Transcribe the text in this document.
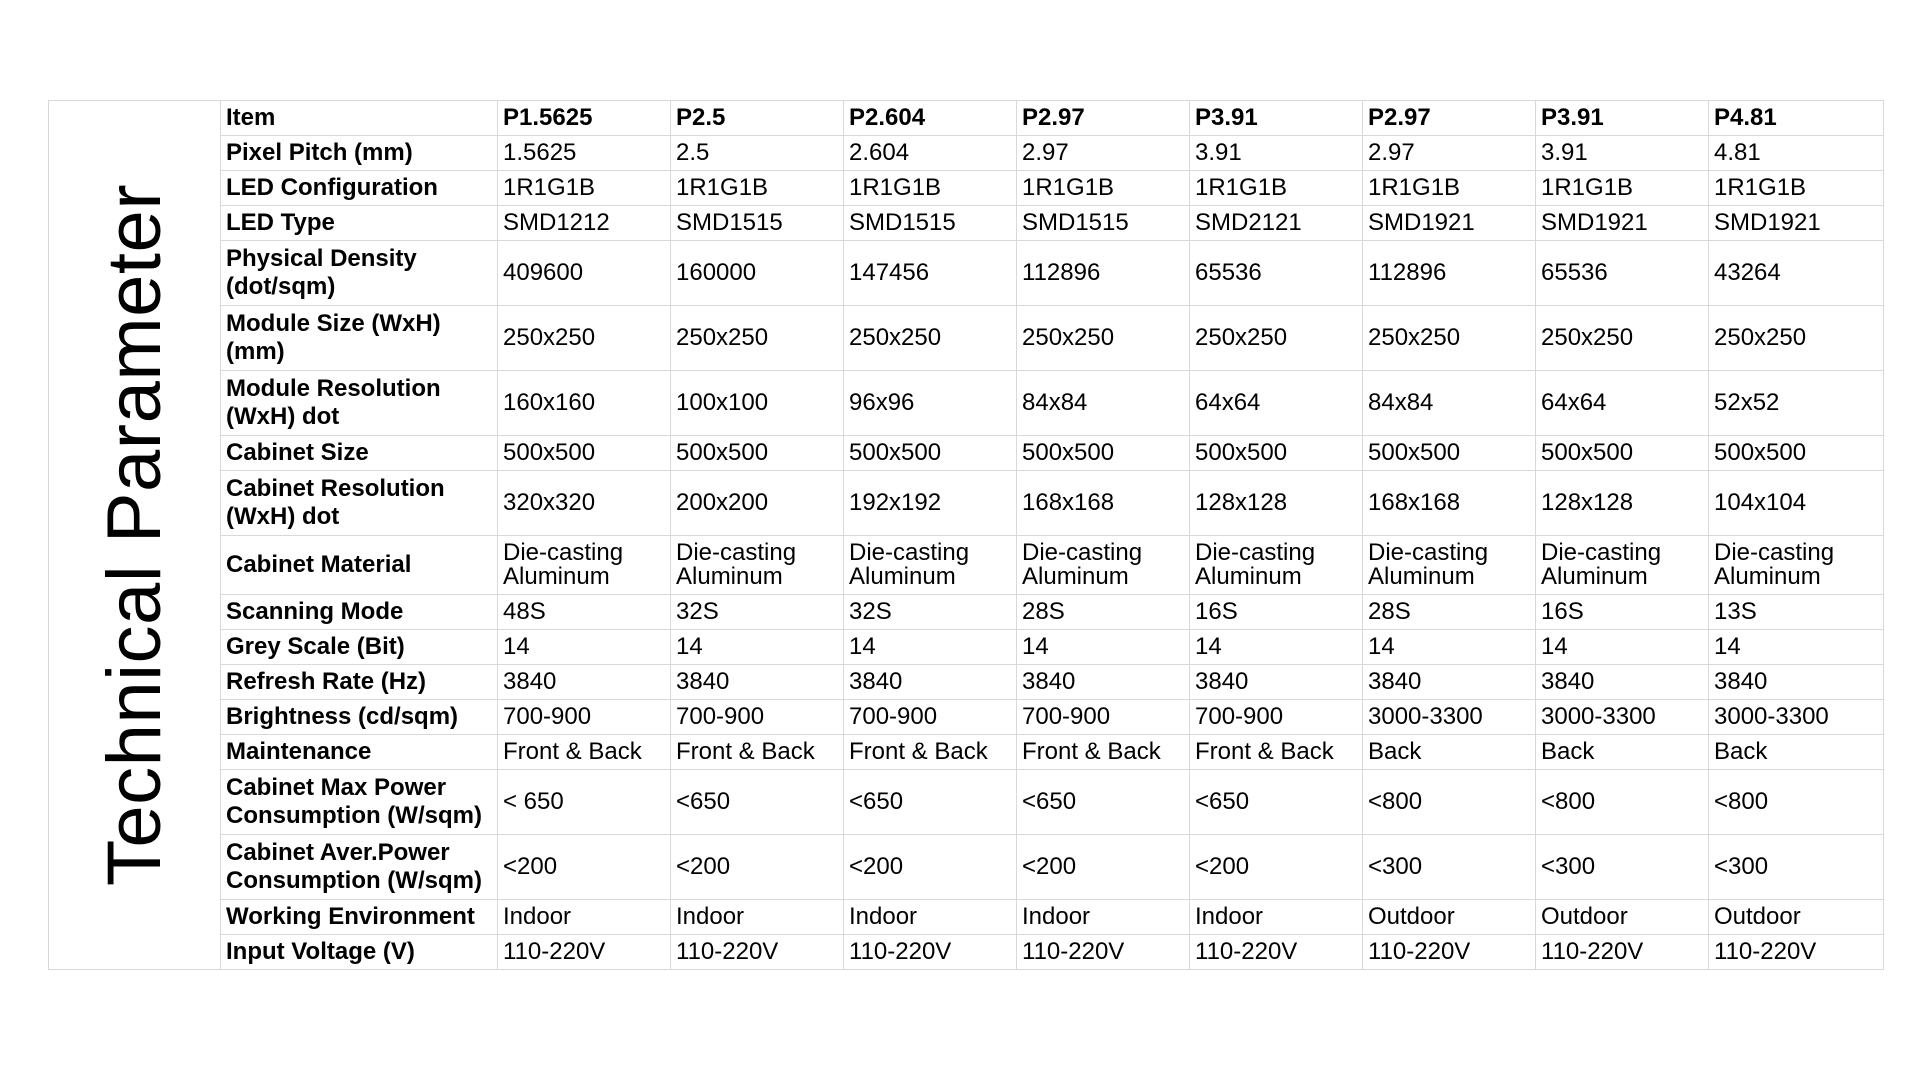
Technical Parameter	Item	P1.5625	P2.5	P2.604	P2.97	P3.91	P2.97	P3.91	P4.81
	Pixel Pitch (mm)	1.5625	2.5	2.604	2.97	3.91	2.97	3.91	4.81
	LED Configuration	1R1G1B	1R1G1B	1R1G1B	1R1G1B	1R1G1B	1R1G1B	1R1G1B	1R1G1B
	LED Type	SMD1212	SMD1515	SMD1515	SMD1515	SMD2121	SMD1921	SMD1921	SMD1921
	Physical Density
(dot/sqm)	409600	160000	147456	112896	65536	112896	65536	43264
	Module Size (WxH)
(mm)	250x250	250x250	250x250	250x250	250x250	250x250	250x250	250x250
	Module Resolution
(WxH) dot	160x160	100x100	96x96	84x84	64x64	84x84	64x64	52x52
	Cabinet Size	500x500	500x500	500x500	500x500	500x500	500x500	500x500	500x500
	Cabinet Resolution
(WxH) dot	320x320	200x200	192x192	168x168	128x128	168x168	128x128	104x104
	Cabinet Material	Die-casting
Aluminum	Die-casting
Aluminum	Die-casting
Aluminum	Die-casting
Aluminum	Die-casting
Aluminum	Die-casting
Aluminum	Die-casting
Aluminum	Die-casting
Aluminum
	Scanning Mode	48S	32S	32S	28S	16S	28S	16S	13S
	Grey Scale (Bit)	14	14	14	14	14	14	14	14
	Refresh Rate (Hz)	3840	3840	3840	3840	3840	3840	3840	3840
	Brightness (cd/sqm)	700-900	700-900	700-900	700-900	700-900	3000-3300	3000-3300	3000-3300
	Maintenance	Front & Back	Front & Back	Front & Back	Front & Back	Front & Back	Back	Back	Back
	Cabinet Max Power
Consumption (W/sqm)	< 650	<650	<650	<650	<650	<800	<800	<800
	Cabinet Aver.Power
Consumption (W/sqm)	<200	<200	<200	<200	<200	<300	<300	<300
	Working Environment	Indoor	Indoor	Indoor	Indoor	Indoor	Outdoor	Outdoor	Outdoor
	Input Voltage (V)	110-220V	110-220V	110-220V	110-220V	110-220V	110-220V	110-220V	110-220V
